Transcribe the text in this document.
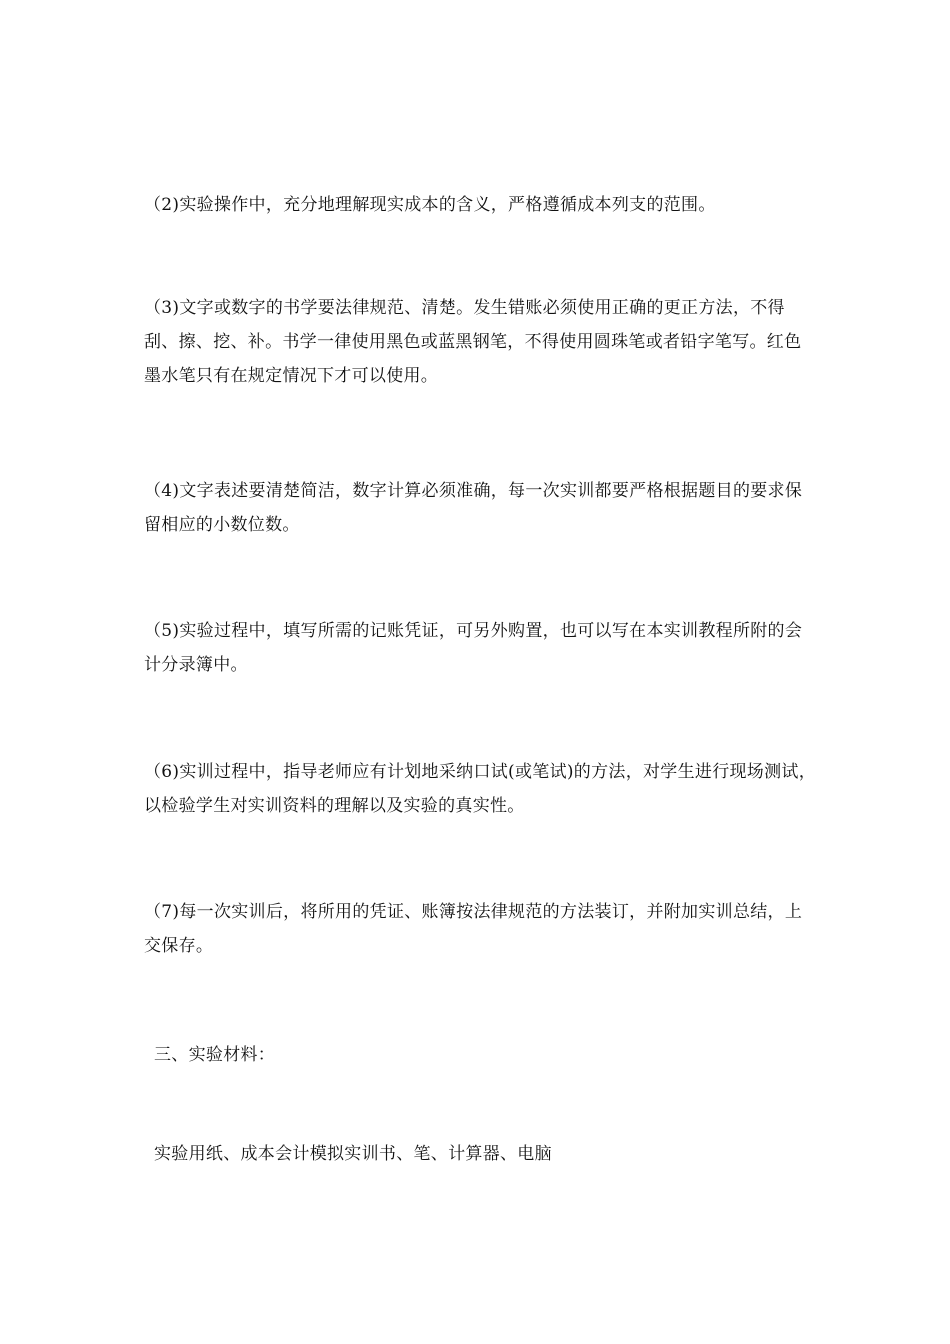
（2)实验操作中，充分地理解现实成本的含义，严格遵循成本列支的范围。

（3)文字或数字的书学要法律规范、清楚。发生错账必须使用正确的更正方法，不得刮、擦、挖、补。书学一律使用黑色或蓝黑钢笔，不得使用圆珠笔或者铅字笔写。红色墨水笔只有在规定情况下才可以使用。

（4)文字表述要清楚简洁，数字计算必须准确，每一次实训都要严格根据题目的要求保留相应的小数位数。

（5)实验过程中，填写所需的记账凭证，可另外购置，也可以写在本实训教程所附的会计分录簿中。

（6)实训过程中，指导老师应有计划地采纳口试(或笔试)的方法，对学生进行现场测试，以检验学生对实训资料的理解以及实验的真实性。

（7)每一次实训后，将所用的凭证、账簿按法律规范的方法装订，并附加实训总结，上交保存。

三、实验材料：

实验用纸、成本会计模拟实训书、笔、计算器、电脑
